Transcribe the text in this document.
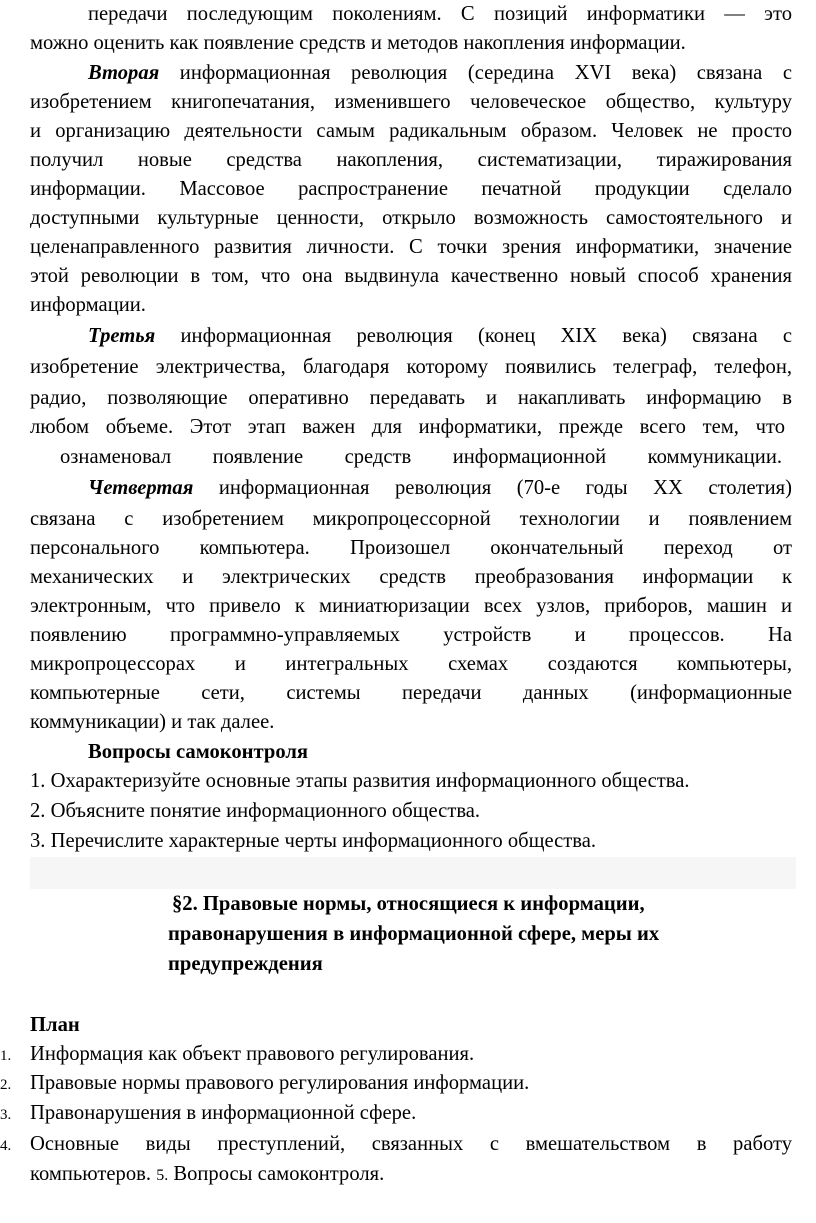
передачи последующим поколениям. С позиций информатики — это
можно оценить как появление средств и методов накопления информации.
Вторая информационная революция (середина XVI века) связана с
изобретением книгопечатания, изменившего человеческое общество, культуру
и организацию деятельности самым радикальным образом. Человек не просто
получил новые средства накопления, систематизации, тиражирования
информации. Массовое распространение печатной продукции сделало
доступными культурные ценности, открыло возможность самостоятельного и
целенаправленного развития личности. С точки зрения информатики, значение
этой революции в том, что она выдвинула качественно новый способ хранения
информации.
Третья информационная революция (конец XIX века) связана с
изобретение электричества, благодаря которому появились телеграф, телефон,
радио, позволяющие оперативно передавать и накапливать информацию в
любом объеме. Этот этап важен для информатики, прежде всего тем, что
ознаменовал появление средств информационной коммуникации.
Четвертая информационная революция (70-е годы XX столетия)
связана с изобретением микропроцессорной технологии и появлением
персонального компьютера. Произошел окончательный переход от
механических и электрических средств преобразования информации к
электронным, что привело к миниатюризации всех узлов, приборов, машин и
появлению программно-управляемых устройств и процессов. На
микропроцессорах и интегральных схемах создаются компьютеры,
компьютерные сети, системы передачи данных (информационные
коммуникации) и так далее.
Вопросы самоконтроля
1. Охарактеризуйте основные этапы развития информационного общества.
2. Объясните понятие информационного общества.
3. Перечислите характерные черты информационного общества.
§2. Правовые нормы, относящиеся к информации,
правонарушения в информационной сфере, меры их
предупреждения
План
1. Информация как объект правового регулирования.
2. Правовые нормы правового регулирования информации.
3. Правонарушения в информационной сфере.
4. Основные виды преступлений, связанных с вмешательством в работу
компьютеров. 5. Вопросы самоконтроля.
